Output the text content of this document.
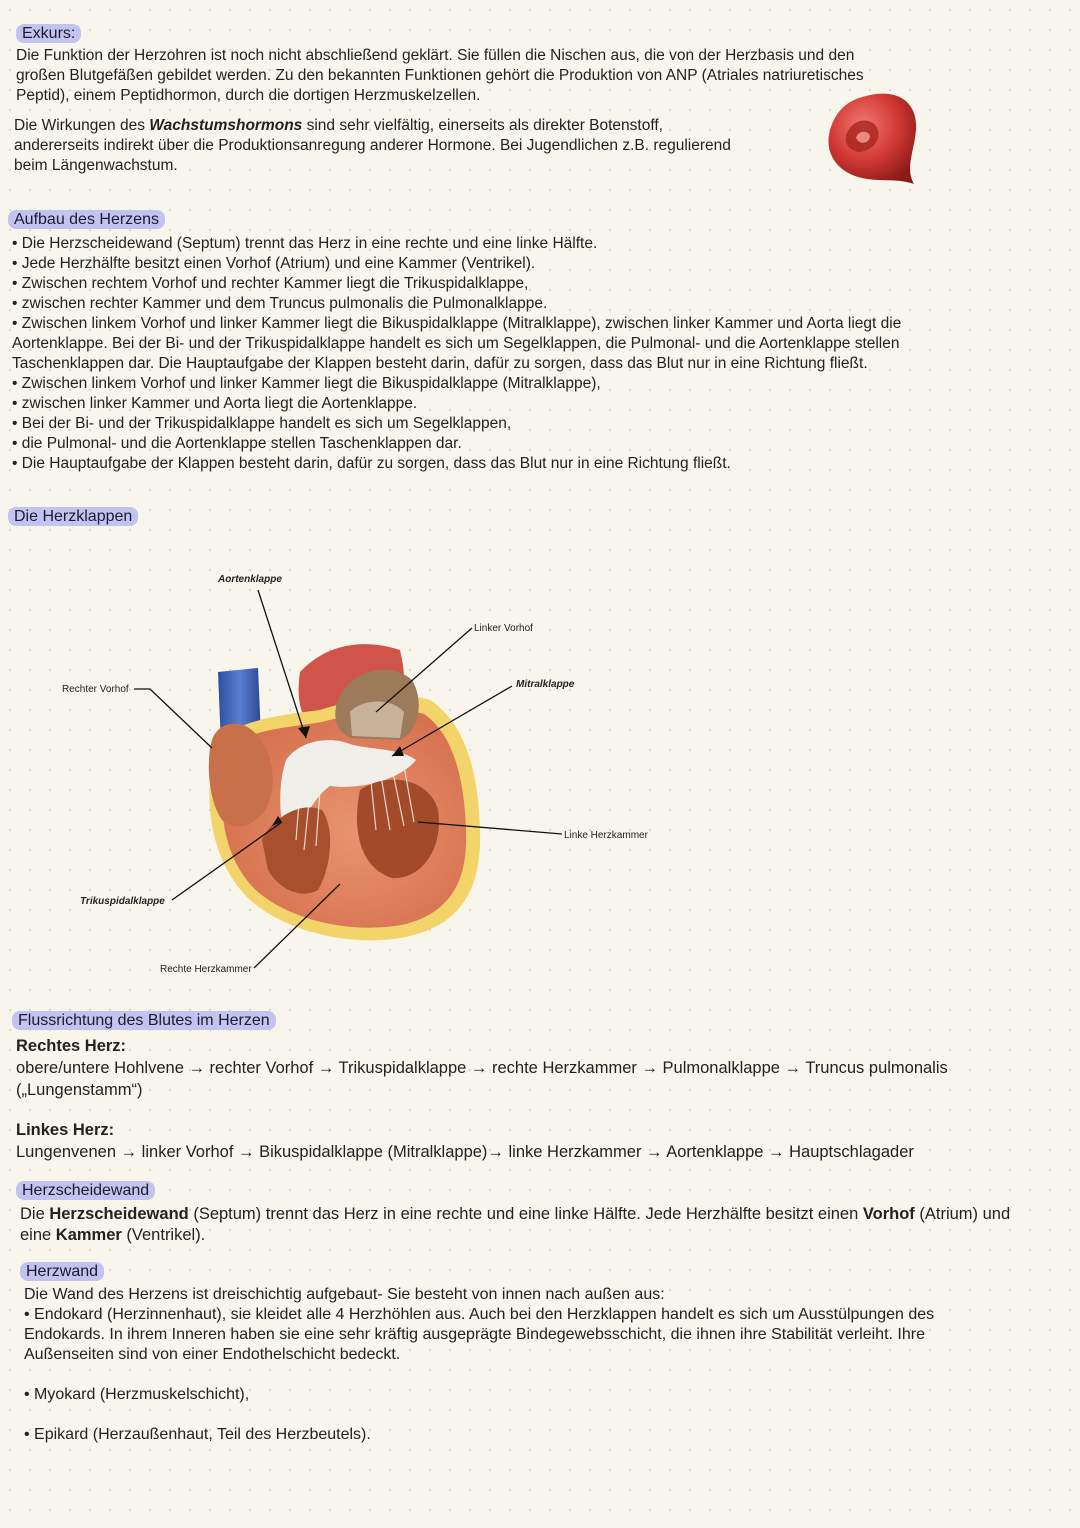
Exkurs:
Die Funktion der Herzohren ist noch nicht abschließend geklärt. Sie füllen die Nischen aus, die von der Herzbasis und den
großen Blutgefäßen gebildet werden. Zu den bekannten Funktionen gehört die Produktion von ANP (Atriales natriuretisches
Peptid), einem Peptidhormon, durch die dortigen Herzmuskelzellen.
Die Wirkungen des Wachstumshormons sind sehr vielfältig, einerseits als direkter Botenstoff,
andererseits indirekt über die Produktionsanregung anderer Hormone. Bei Jugendlichen z.B. regulierend
beim Längenwachstum.
Aufbau des Herzens
• Die Herzscheidewand (Septum) trennt das Herz in eine rechte und eine linke Hälfte.
• Jede Herzhälfte besitzt einen Vorhof (Atrium) und eine Kammer (Ventrikel).
• Zwischen rechtem Vorhof und rechter Kammer liegt die Trikuspidalklappe,
• zwischen rechter Kammer und dem Truncus pulmonalis die Pulmonalklappe.
• Zwischen linkem Vorhof und linker Kammer liegt die Bikuspidalklappe (Mitralklappe), zwischen linker Kammer und Aorta liegt die
Aortenklappe. Bei der Bi- und der Trikuspidalklappe handelt es sich um Segelklappen, die Pulmonal- und die Aortenklappe stellen
Taschenklappen dar. Die Hauptaufgabe der Klappen besteht darin, dafür zu sorgen, dass das Blut nur in eine Richtung fließt.
• Zwischen linkem Vorhof und linker Kammer liegt die Bikuspidalklappe (Mitralklappe),
• zwischen linker Kammer und Aorta liegt die Aortenklappe.
• Bei der Bi- und der Trikuspidalklappe handelt es sich um Segelklappen,
• die Pulmonal- und die Aortenklappe stellen Taschenklappen dar.
• Die Hauptaufgabe der Klappen besteht darin, dafür zu sorgen, dass das Blut nur in eine Richtung fließt.
Die Herzklappen
Aortenklappe
Linker Vorhof
Mitralklappe
Rechter Vorhof
Linke Herzkammer
Trikuspidalklappe
Rechte Herzkammer
Flussrichtung des Blutes im Herzen
Rechtes Herz:
obere/untere Hohlvene → rechter Vorhof → Trikuspidalklappe → rechte Herzkammer → Pulmonalklappe → Truncus pulmonalis
(„Lungenstamm“)
Linkes Herz:
Lungenvenen → linker Vorhof → Bikuspidalklappe (Mitralklappe)→ linke Herzkammer → Aortenklappe → Hauptschlagader
Herzscheidewand
Die Herzscheidewand (Septum) trennt das Herz in eine rechte und eine linke Hälfte. Jede Herzhälfte besitzt einen Vorhof (Atrium) und
eine Kammer (Ventrikel).
Herzwand
Die Wand des Herzens ist dreischichtig aufgebaut- Sie besteht von innen nach außen aus:
• Endokard (Herzinnenhaut), sie kleidet alle 4 Herzhöhlen aus. Auch bei den Herzklappen handelt es sich um Ausstülpungen des
Endokards. In ihrem Inneren haben sie eine sehr kräftig ausgeprägte Bindegewebsschicht, die ihnen ihre Stabilität verleiht. Ihre
Außenseiten sind von einer Endothelschicht bedeckt.
• Myokard (Herzmuskelschicht),
• Epikard (Herzaußenhaut, Teil des Herzbeutels).
